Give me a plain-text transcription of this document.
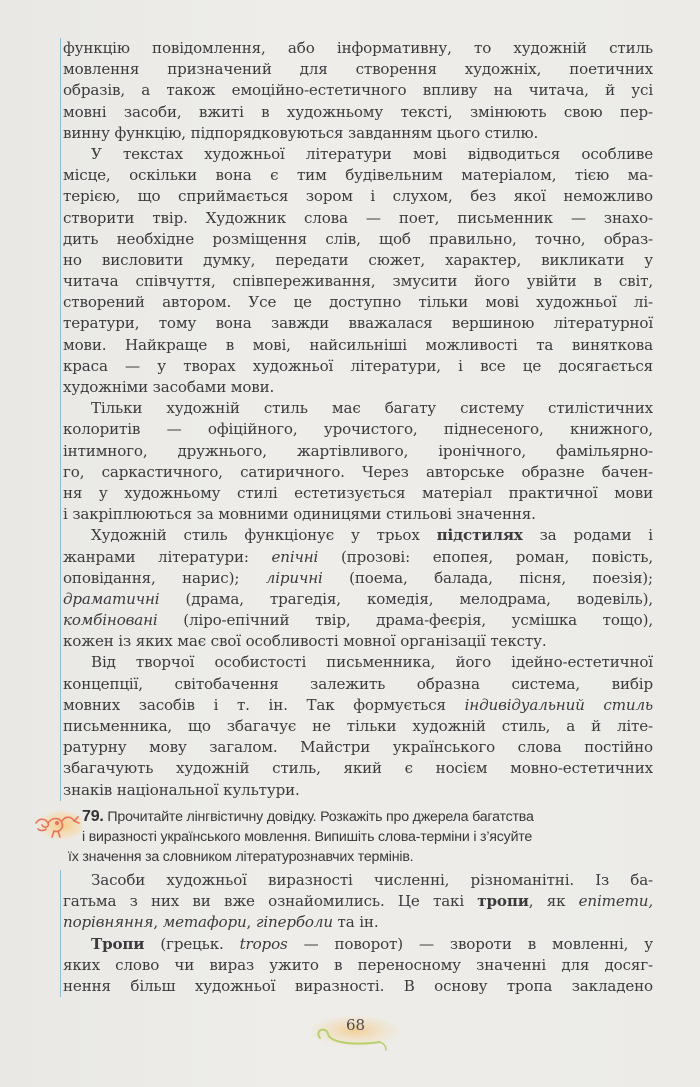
функцію повідомлення, або інформативну, то художній стиль
мовлення призначений для створення художніх, поетичних
образів, а також емоційно-естетичного впливу на читача, й усі
мовні засоби, вжиті в художньому тексті, змінюють свою пер-
винну функцію, підпорядковуються завданням цього стилю.
У текстах художньої літератури мові відводиться особливе
місце, оскільки вона є тим будівельним матеріалом, тією ма-
терією, що сприймається зором і слухом, без якої неможливо
створити твір. Художник слова — поет, письменник — знахо-
дить необхідне розміщення слів, щоб правильно, точно, образ-
но висловити думку, передати сюжет, характер, викликати у
читача співчуття, співпереживання, змусити його увійти в світ,
створений автором. Усе це доступно тільки мові художньої лі-
тератури, тому вона завжди вважалася вершиною літературної
мови. Найкраще в мові, найсильніші можливості та виняткова
краса — у творах художньої літератури, і все це досягається
художніми засобами мови.
Тільки художній стиль має багату систему стилістичних
колоритів — офіційного, урочистого, піднесеного, книжного,
інтимного, дружнього, жартівливого, іронічного, фамільярно-
го, саркастичного, сатиричного. Через авторське образне бачен-
ня у художньому стилі естетизується матеріал практичної мови
і закріплюються за мовними одиницями стильові значення.
Художній стиль функціонує у трьох підстилях за родами і
жанрами літератури: епічні (прозові: епопея, роман, повість,
оповідання, нарис); ліричні (поема, балада, пісня, поезія);
драматичні (драма, трагедія, комедія, мелодрама, водевіль),
комбіновані (ліро-епічний твір, драма-феєрія, усмішка тощо),
кожен із яких має свої особливості мовної організації тексту.
Від творчої особистості письменника, його ідейно-естетичної
концепції, світобачення залежить образна система, вибір
мовних засобів і т. ін. Так формується індивідуальний стиль
письменника, що збагачує не тільки художній стиль, а й літе-
ратурну мову загалом. Майстри українського слова постійно
збагачують художній стиль, який є носієм мовно-естетичних
знаків національної культури.
79. Прочитайте лінгвістичну довідку. Розкажіть про джерела багатства
і виразності українського мовлення. Випишіть слова-терміни і з’ясуйте
їх значення за словником літературознавчих термінів.
Засоби художньої виразності численні, різноманітні. Із ба-
гатьма з них ви вже ознайомились. Це такі тропи, як епітети,
порівняння, метафори, гіперболи та ін.
Тропи (грецьк. tropos — поворот) — звороти в мовленні, у
яких слово чи вираз ужито в переносному значенні для досяг-
нення більш художньої виразності. В основу тропа закладено
68
